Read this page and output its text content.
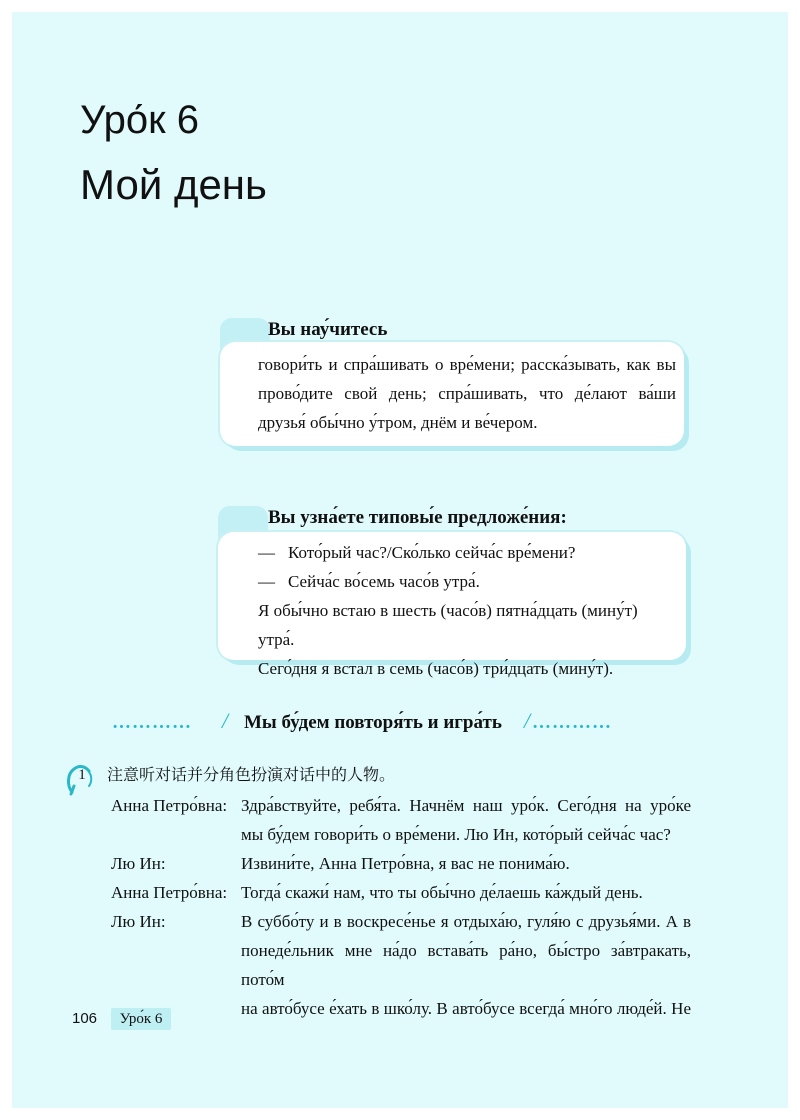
Уро́к 6
Мой день
Вы нау́читесь
говори́ть и спра́шивать о вре́мени; расска́зывать, как вы прово́дите свой день; спра́шивать, что де́лают ва́ши друзья́ обы́чно у́тром, днём и ве́чером.
Вы узна́ете типовы́е предложе́ния:
— Кото́рый час?/Ско́лько сейча́с вре́мени?
— Сейча́с во́семь часо́в утра́.
Я обы́чно встаю в шесть (часо́в) пятна́дцать (мину́т) утра́.
Сего́дня я встал в семь (часо́в) три́дцать (мину́т).
………… / Мы бу́дем повторя́ть и игра́ть / …………
1 注意听对话并分角色扮演对话中的人物。
Анна Петро́вна: Здра́вствуйте, ребя́та. Начнём наш уро́к. Сего́дня на уро́ке
мы бу́дем говори́ть о вре́мени. Лю Ин, кото́рый сейча́с час?
Лю Ин:	Извини́те, Анна Петро́вна, я вас не понима́ю.
Анна Петро́вна: Тогда́ скажи́ нам, что ты обы́чно де́лаешь ка́ждый день.
Лю Ин:	В суббо́ту и в воскресе́нье я отдыха́ю, гуля́ю с друзья́ми. А в
понеде́льник мне на́до встава́ть ра́но, бы́стро за́втракать, пото́м
на авто́бусе е́хать в шко́лу. В авто́бусе всегда́ мно́го люде́й. Не
106	Уро́к 6
